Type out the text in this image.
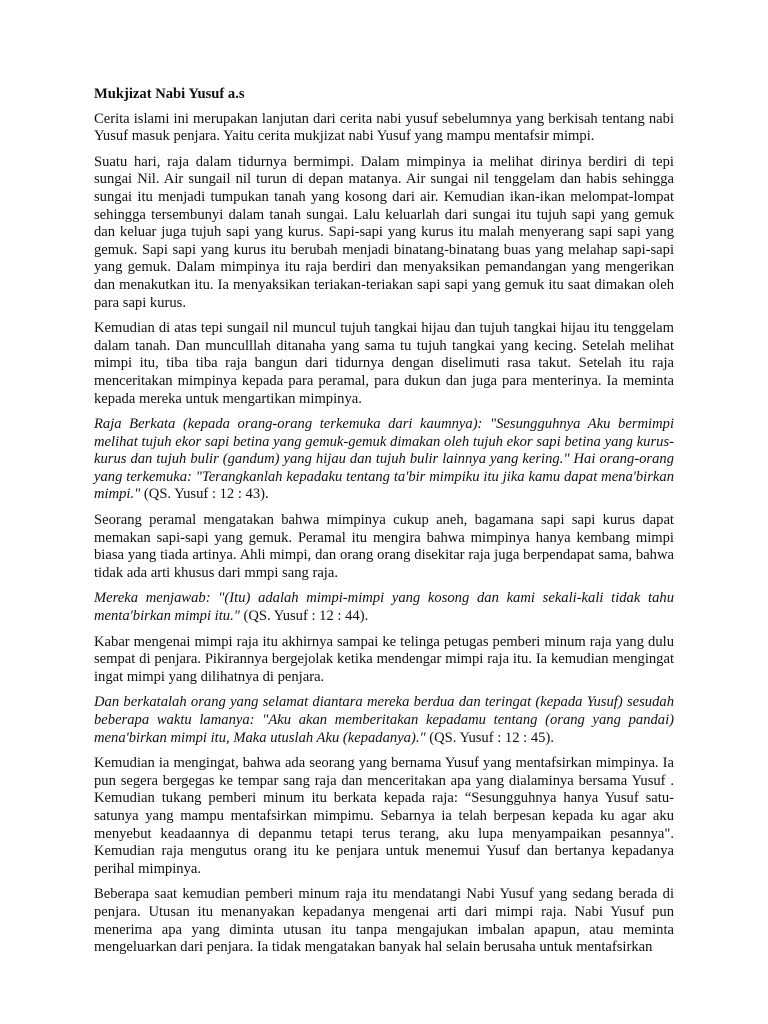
Mukjizat Nabi Yusuf a.s

Cerita islami ini merupakan lanjutan dari cerita nabi yusuf sebelumnya yang berkisah tentang nabi Yusuf masuk penjara. Yaitu cerita mukjizat nabi Yusuf yang mampu mentafsir mimpi.

Suatu hari, raja dalam tidurnya bermimpi. Dalam mimpinya ia melihat dirinya berdiri di tepi sungai Nil. Air sungail nil turun di depan matanya. Air sungai nil tenggelam dan habis sehingga sungai itu menjadi tumpukan tanah yang kosong dari air. Kemudian ikan-ikan melompat-lompat sehingga tersembunyi dalam tanah sungai. Lalu keluarlah dari sungai itu tujuh sapi yang gemuk dan keluar juga tujuh sapi yang kurus. Sapi-sapi yang kurus itu malah menyerang sapi sapi yang gemuk. Sapi sapi yang kurus itu berubah menjadi binatang-binatang buas yang melahap sapi-sapi yang gemuk. Dalam mimpinya itu raja berdiri dan menyaksikan pemandangan yang mengerikan dan menakutkan itu. Ia menyaksikan teriakan-teriakan sapi sapi yang gemuk itu saat dimakan oleh para sapi kurus.

Kemudian di atas tepi sungail nil muncul tujuh tangkai hijau dan tujuh tangkai hijau itu tenggelam dalam tanah. Dan munculllah ditanaha yang sama tu tujuh tangkai yang kecing. Setelah melihat mimpi itu, tiba tiba raja bangun dari tidurnya dengan diselimuti rasa takut. Setelah itu raja menceritakan mimpinya kepada para peramal, para dukun dan juga para menterinya. Ia meminta kepada mereka untuk mengartikan mimpinya.

Raja Berkata (kepada orang-orang terkemuka dari kaumnya): "Sesungguhnya Aku bermimpi melihat tujuh ekor sapi betina yang gemuk-gemuk dimakan oleh tujuh ekor sapi betina yang kurus-kurus dan tujuh bulir (gandum) yang hijau dan tujuh bulir lainnya yang kering." Hai orang-orang yang terkemuka: "Terangkanlah kepadaku tentang ta'bir mimpiku itu jika kamu dapat mena'birkan mimpi." (QS. Yusuf : 12 : 43).

Seorang peramal mengatakan bahwa mimpinya cukup aneh, bagamana sapi sapi kurus dapat memakan sapi-sapi yang gemuk. Peramal itu mengira bahwa mimpinya hanya kembang mimpi biasa yang tiada artinya. Ahli mimpi, dan orang orang disekitar raja juga berpendapat sama, bahwa tidak ada arti khusus dari mmpi sang raja.

Mereka menjawab: "(Itu) adalah mimpi-mimpi yang kosong dan kami sekali-kali tidak tahu menta'birkan mimpi itu." (QS. Yusuf : 12 : 44).

Kabar mengenai mimpi raja itu akhirnya sampai ke telinga petugas pemberi minum raja yang dulu sempat di penjara. Pikirannya bergejolak ketika mendengar mimpi raja itu. Ia kemudian mengingat ingat mimpi yang dilihatnya di penjara.

Dan berkatalah orang yang selamat diantara mereka berdua dan teringat (kepada Yusuf) sesudah beberapa waktu lamanya: "Aku akan memberitakan kepadamu tentang (orang yang pandai) mena'birkan mimpi itu, Maka utuslah Aku (kepadanya)." (QS. Yusuf : 12 : 45).

Kemudian ia mengingat, bahwa ada seorang yang bernama Yusuf yang mentafsirkan mimpinya. Ia pun segera bergegas ke tempar sang raja dan menceritakan apa yang dialaminya bersama Yusuf . Kemudian tukang pemberi minum itu berkata kepada raja: “Sesungguhnya hanya Yusuf satu-satunya yang mampu mentafsirkan mimpimu. Sebarnya ia telah berpesan kepada ku agar aku menyebut keadaannya di depanmu tetapi terus terang, aku lupa menyampaikan pesannya". Kemudian raja mengutus orang itu ke penjara untuk menemui Yusuf dan bertanya kepadanya perihal mimpinya.

Beberapa saat kemudian pemberi minum raja itu mendatangi Nabi Yusuf yang sedang berada di penjara. Utusan itu menanyakan kepadanya mengenai arti dari mimpi raja. Nabi Yusuf pun menerima apa yang diminta utusan itu tanpa mengajukan imbalan apapun, atau meminta mengeluarkan dari penjara. Ia tidak mengatakan banyak hal selain berusaha untuk mentafsirkan
